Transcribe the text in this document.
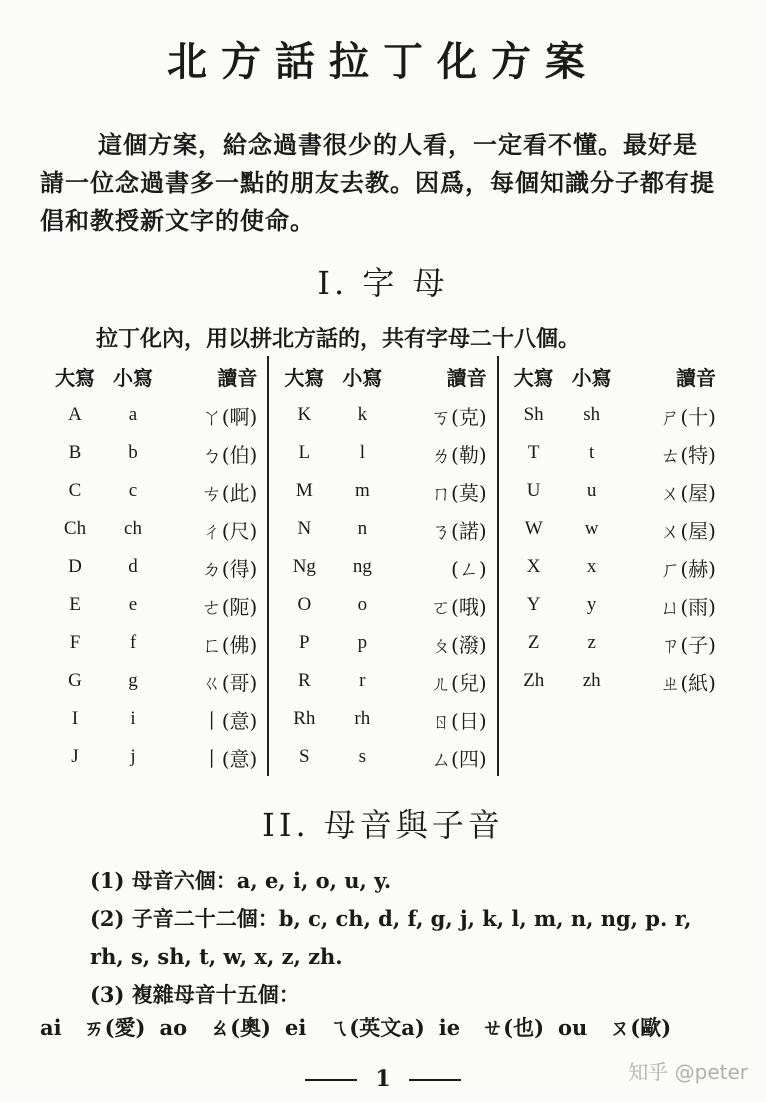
北方話拉丁化方案
這個方案，給念過書很少的人看，一定看不懂。最好是請一位念過書多一點的朋友去教。因爲，每個知識分子都有提倡和教授新文字的使命。
I. 字 母
拉丁化內，用以拼北方話的，共有字母二十八個。
大寫 小寫	讀音
A	a	ㄚ(啊)
B	b	ㄅ(伯)
C	c	ㄘ(此)
Ch	ch	ㄔ(尺)
D	d	ㄉ(得)
E	e	ㄜ(阨)
F	f	ㄈ(佛)
G	g	ㄍ(哥)
I	i	丨(意)
J	j	丨(意)
大寫 小寫	讀音
K	k	ㄎ(克)
L	l	ㄌ(勒)
M	m	ㄇ(莫)
N	n	ㄋ(諾)
Ng	ng	(ㄥ)
O	o	ㄛ(哦)
P	p	ㄆ(潑)
R	r	ㄦ(兒)
Rh	rh	ㄖ(日)
S	s	ㄙ(四)
大寫 小寫	讀音
Sh	sh	ㄕ(十)
T	t	ㄊ(特)
U	u	ㄨ(屋)
W	w	ㄨ(屋)
X	x	ㄏ(赫)
Y	y	ㄩ(雨)
Z	z	ㄗ(子)
Zh	zh	ㄓ(紙)
II. 母音與子音
(1) 母音六個：a, e, i, o, u, y.
(2) 子音二十二個：b, c, ch, d, f, g, j, k, l, m, n, ng, p. r, rh, s, sh, t, w, x, z, zh.
(3) 複雜母音十五個：
ai ㄞ(愛) ao ㄠ(奧) ei ㄟ(英文a) ie ㄝ(也) ou ㄡ(歐)
1	知乎 @peter
